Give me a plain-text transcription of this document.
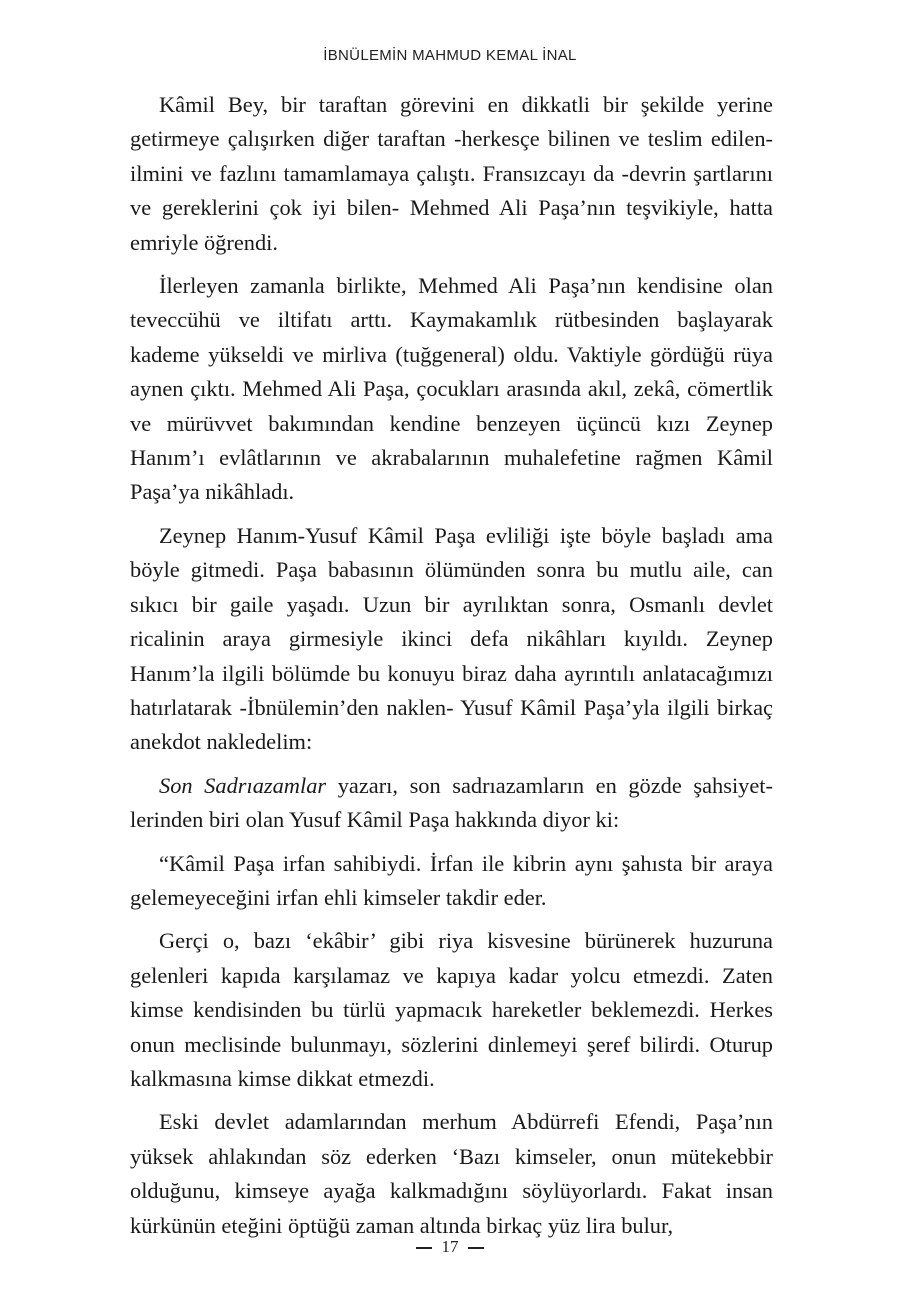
İBNÜLEMİN MAHMUD KEMAL İNAL

Kâmil Bey, bir taraftan görevini en dikkatli bir şekilde yerine getirmeye çalışırken diğer taraftan -herkesçe bilinen ve teslim edilen- ilmini ve fazlını tamamlamaya çalıştı. Fransızcayı da -devrin şartlarını ve gereklerini çok iyi bilen- Mehmed Ali Paşa’nın teşvikiyle, hatta emriyle öğrendi.

İlerleyen zamanla birlikte, Mehmed Ali Paşa’nın kendisine olan teveccühü ve iltifatı arttı. Kaymakamlık rütbesinden başlayarak kademe yükseldi ve mirliva (tuğgeneral) oldu. Vaktiyle gördüğü rüya aynen çıktı. Mehmed Ali Paşa, çocukları arasında akıl, zekâ, cömertlik ve mürüvvet bakımından kendine benzeyen üçüncü kızı Zeynep Hanım’ı evlâtlarının ve akrabalarının muhalefetine rağmen Kâmil Paşa’ya nikâhladı.

Zeynep Hanım-Yusuf Kâmil Paşa evliliği işte böyle başladı ama böyle gitmedi. Paşa babasının ölümünden sonra bu mutlu aile, can sıkıcı bir gaile yaşadı. Uzun bir ayrılıktan sonra, Osmanlı devlet ricalinin araya girmesiyle ikinci defa nikâhları kıyıldı. Zeynep Hanım’la ilgili bölümde bu konuyu biraz daha ayrıntılı anlatacağımızı hatırlatarak -İbnülemin’den naklen- Yusuf Kâmil Paşa’yla ilgili birkaç anekdot nakledelim:

Son Sadrıazamlar yazarı, son sadrıazamların en gözde şahsiyetlerinden biri olan Yusuf Kâmil Paşa hakkında diyor ki:

“Kâmil Paşa irfan sahibiydi. İrfan ile kibrin aynı şahısta bir araya gelemeyeceğini irfan ehli kimseler takdir eder.

Gerçi o, bazı ‘ekâbir’ gibi riya kisvesine bürünerek huzuruna gelenleri kapıda karşılamaz ve kapıya kadar yolcu etmezdi. Zaten kimse kendisinden bu türlü yapmacık hareketler beklemezdi. Herkes onun meclisinde bulunmayı, sözlerini dinlemeyi şeref bilirdi. Oturup kalkmasına kimse dikkat etmezdi.

Eski devlet adamlarından merhum Abdürrefi Efendi, Paşa’nın yüksek ahlakından söz ederken ‘Bazı kimseler, onun mütekebbir olduğunu, kimseye ayağa kalkmadığını söylüyorlardı. Fakat insan kürkünün eteğini öptüğü zaman altında birkaç yüz lira bulur,

17
